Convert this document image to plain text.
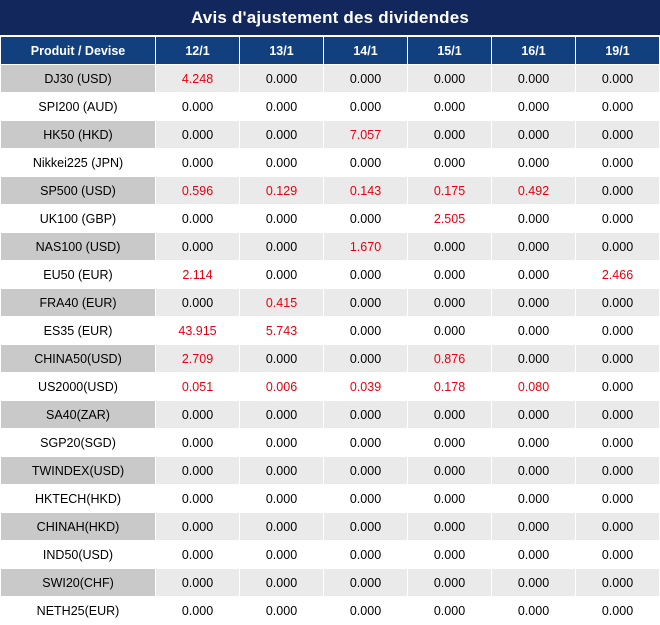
Avis d'ajustement des dividendes
Produit / Devise	12/1	13/1	14/1	15/1	16/1	19/1
DJ30 (USD)	4.248	0.000	0.000	0.000	0.000	0.000
SPI200 (AUD)	0.000	0.000	0.000	0.000	0.000	0.000
HK50 (HKD)	0.000	0.000	7.057	0.000	0.000	0.000
Nikkei225 (JPN)	0.000	0.000	0.000	0.000	0.000	0.000
SP500 (USD)	0.596	0.129	0.143	0.175	0.492	0.000
UK100 (GBP)	0.000	0.000	0.000	2.505	0.000	0.000
NAS100 (USD)	0.000	0.000	1.670	0.000	0.000	0.000
EU50 (EUR)	2.114	0.000	0.000	0.000	0.000	2.466
FRA40 (EUR)	0.000	0.415	0.000	0.000	0.000	0.000
ES35 (EUR)	43.915	5.743	0.000	0.000	0.000	0.000
CHINA50(USD)	2.709	0.000	0.000	0.876	0.000	0.000
US2000(USD)	0.051	0.006	0.039	0.178	0.080	0.000
SA40(ZAR)	0.000	0.000	0.000	0.000	0.000	0.000
SGP20(SGD)	0.000	0.000	0.000	0.000	0.000	0.000
TWINDEX(USD)	0.000	0.000	0.000	0.000	0.000	0.000
HKTECH(HKD)	0.000	0.000	0.000	0.000	0.000	0.000
CHINAH(HKD)	0.000	0.000	0.000	0.000	0.000	0.000
IND50(USD)	0.000	0.000	0.000	0.000	0.000	0.000
SWI20(CHF)	0.000	0.000	0.000	0.000	0.000	0.000
NETH25(EUR)	0.000	0.000	0.000	0.000	0.000	0.000
